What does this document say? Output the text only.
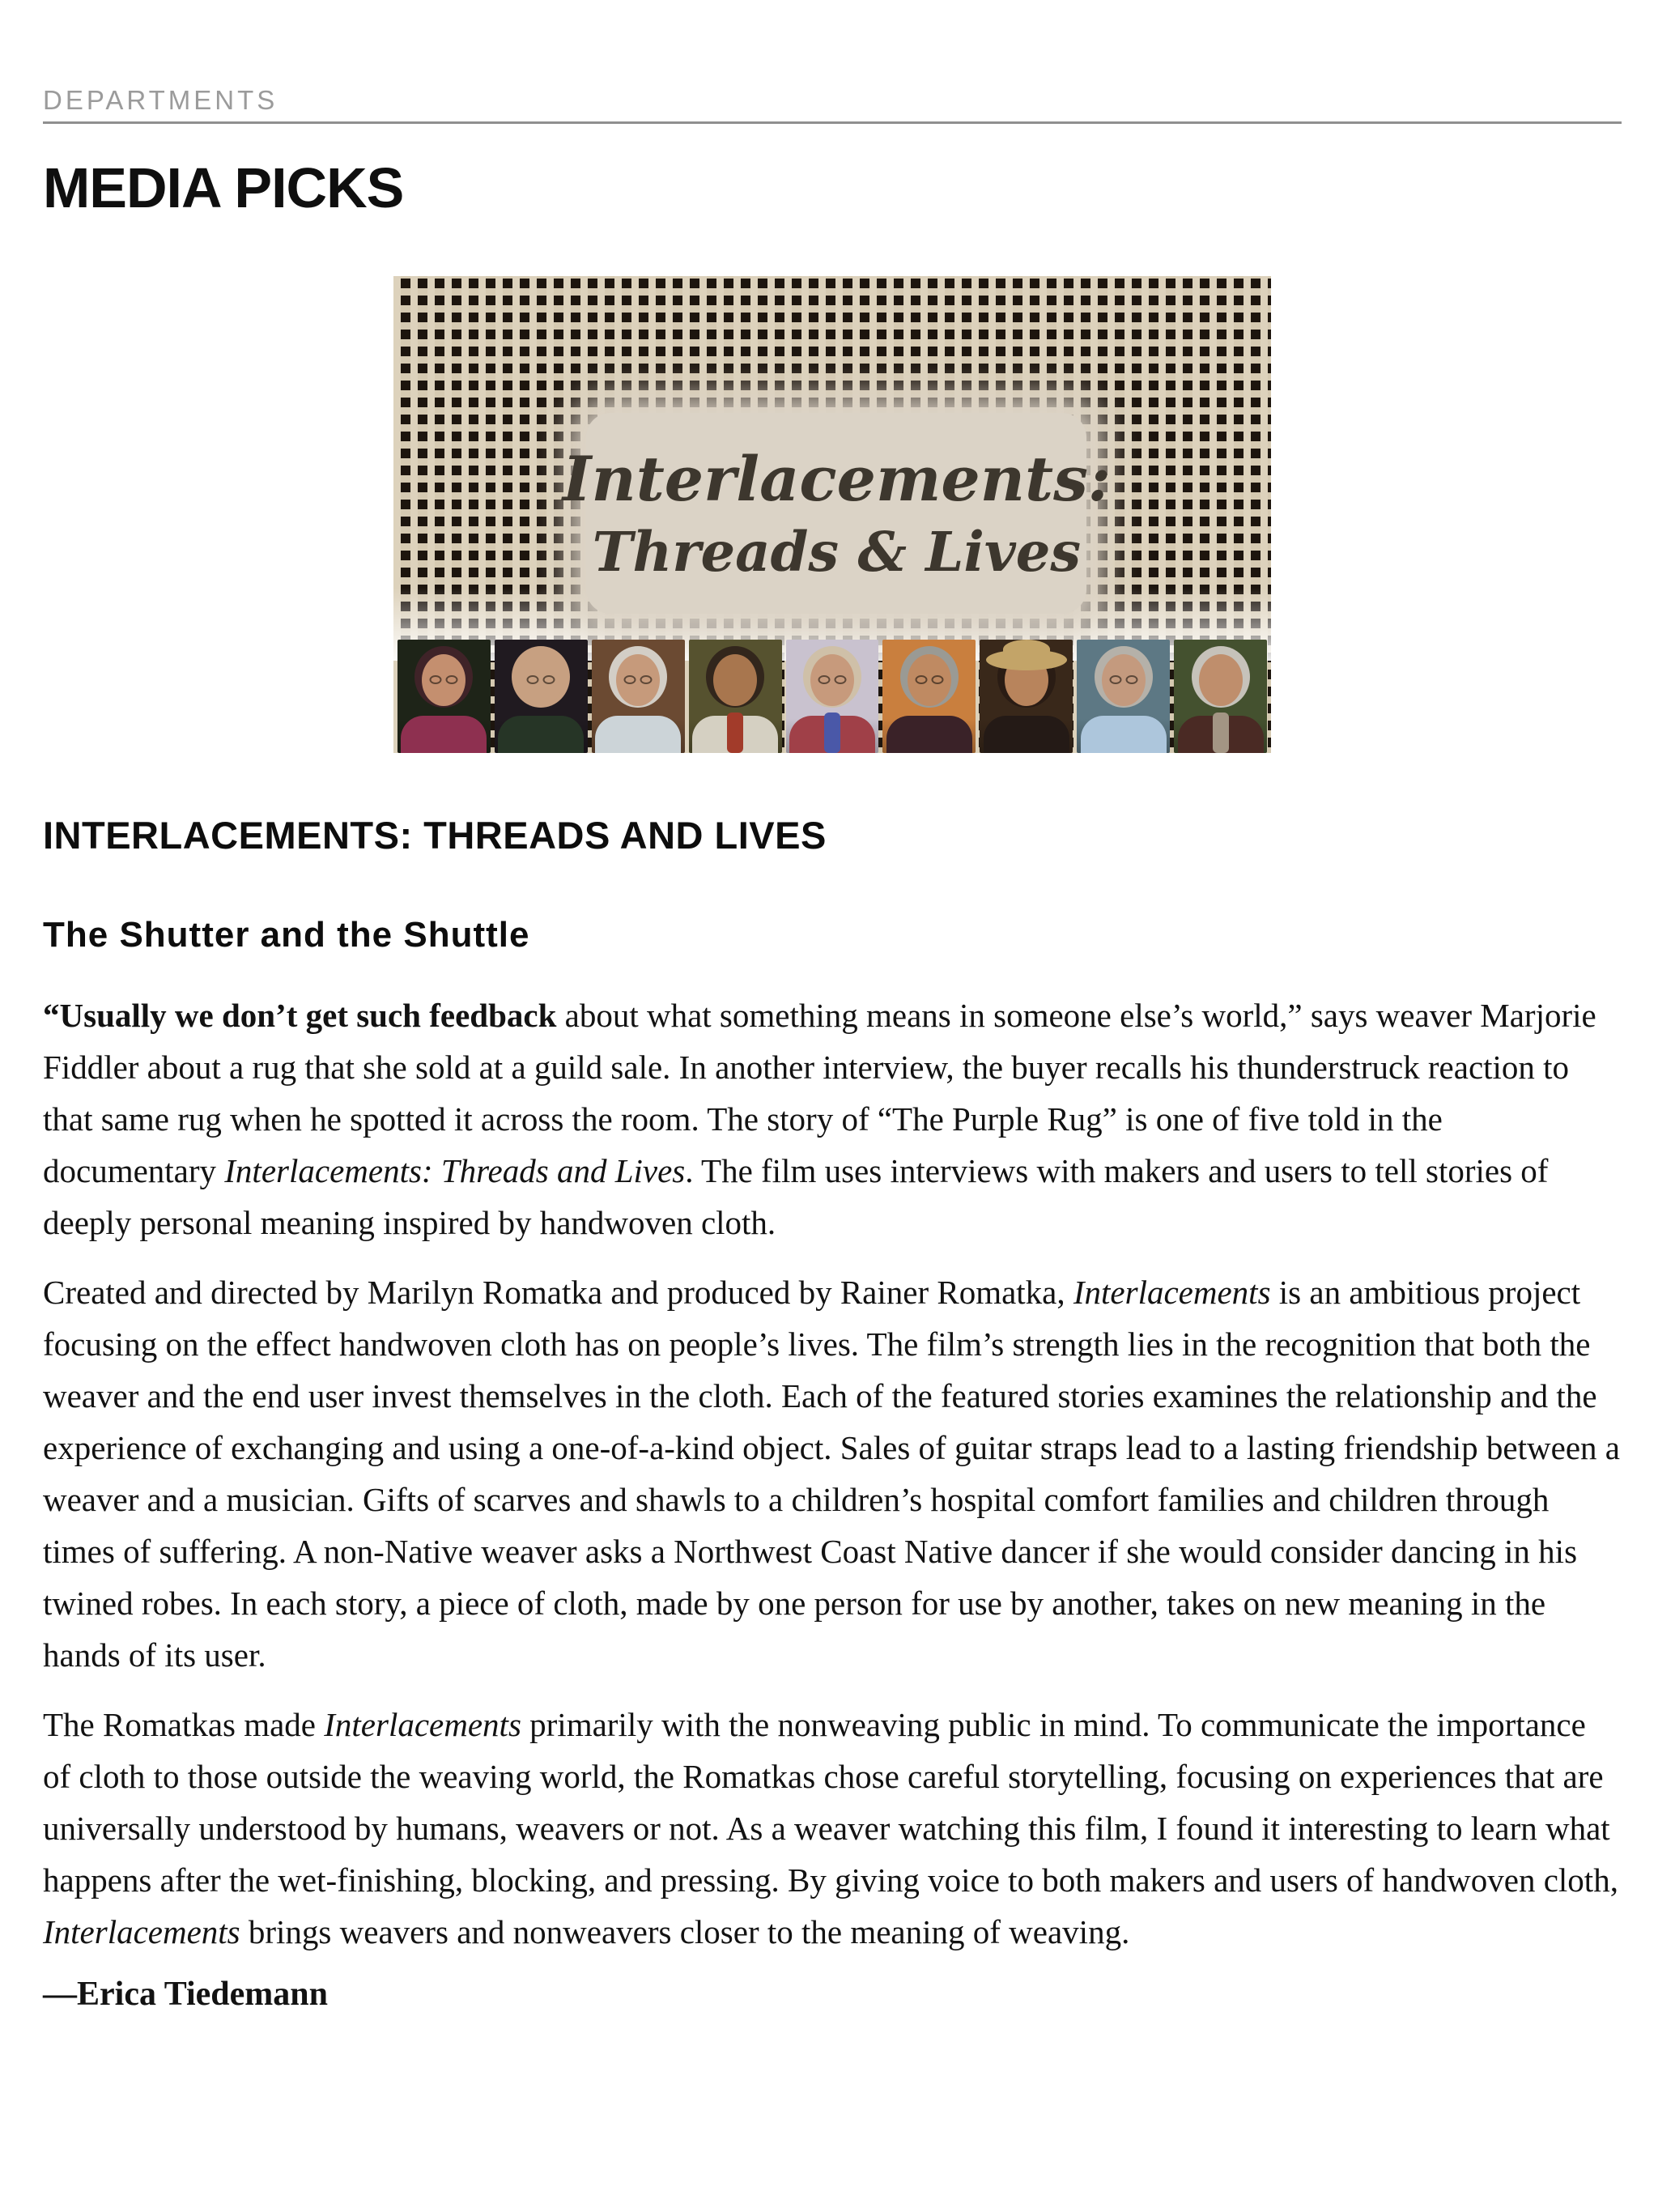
DEPARTMENTS
MEDIA PICKS
Interlacements:
Threads & Lives
INTERLACEMENTS: THREADS AND LIVES
The Shutter and the Shuttle

“Usually we don’t get such feedback about what something means in someone else’s world,” says weaver Marjorie Fiddler about a rug that she sold at a guild sale. In another interview, the buyer recalls his thunderstruck reaction to that same rug when he spotted it across the room. The story of “The Purple Rug” is one of five told in the documentary Interlacements: Threads and Lives. The film uses interviews with makers and users to tell stories of deeply personal meaning inspired by handwoven cloth.

Created and directed by Marilyn Romatka and produced by Rainer Romatka, Interlacements is an ambitious project focusing on the effect handwoven cloth has on people’s lives. The film’s strength lies in the recognition that both the weaver and the end user invest themselves in the cloth. Each of the featured stories examines the relationship and the experience of exchanging and using a one-of-a-kind object. Sales of guitar straps lead to a lasting friendship between a weaver and a musician. Gifts of scarves and shawls to a children’s hospital comfort families and children through times of suffering. A non-Native weaver asks a Northwest Coast Native dancer if she would consider dancing in his twined robes. In each story, a piece of cloth, made by one person for use by another, takes on new meaning in the hands of its user.

The Romatkas made Interlacements primarily with the nonweaving public in mind. To communicate the importance of cloth to those outside the weaving world, the Romatkas chose careful storytelling, focusing on experiences that are universally understood by humans, weavers or not. As a weaver watching this film, I found it interesting to learn what happens after the wet-finishing, blocking, and pressing. By giving voice to both makers and users of handwoven cloth, Interlacements brings weavers and nonweavers closer to the meaning of weaving.

—Erica Tiedemann
